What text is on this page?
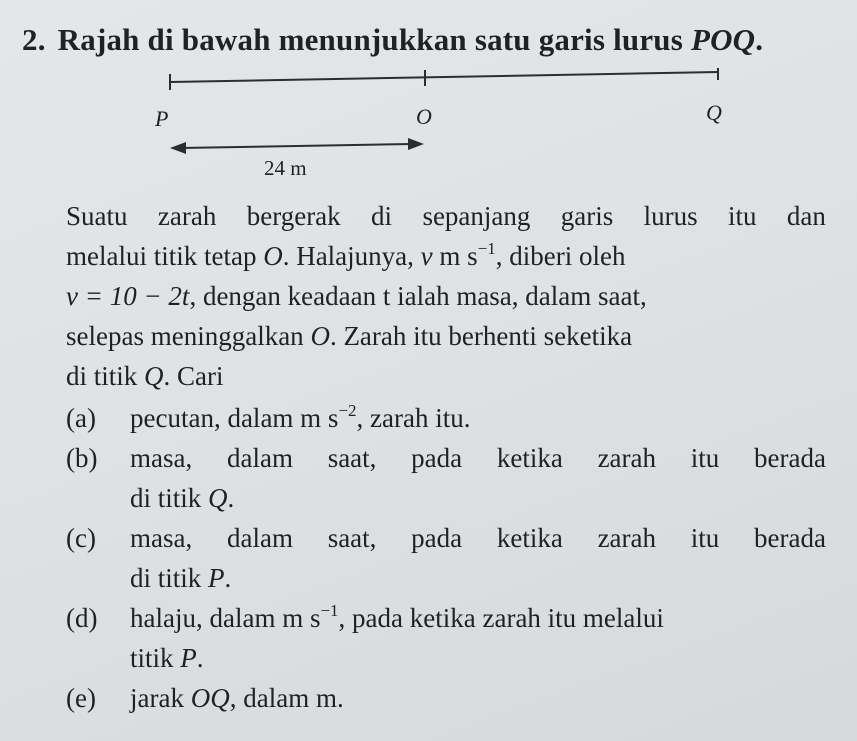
2. Rajah di bawah menunjukkan satu garis lurus POQ.
P	O	Q
24 m
Suatu zarah bergerak di sepanjang garis lurus itu dan
melalui titik tetap O. Halajunya, v m $s^{-1}$, diberi oleh
v = 10 − 2t, dengan keadaan t ialah masa, dalam saat,
selepas meninggalkan O. Zarah itu berhenti seketika
di titik Q. Cari
(a) pecutan, dalam m $s^{-2}$, zarah itu.
(b) masa, dalam saat, pada ketika zarah itu berada
di titik Q.
(c) masa, dalam saat, pada ketika zarah itu berada
di titik P.
(d) halaju, dalam m $s^{-1}$, pada ketika zarah itu melalui
titik P.
(e) jarak OQ, dalam m.
